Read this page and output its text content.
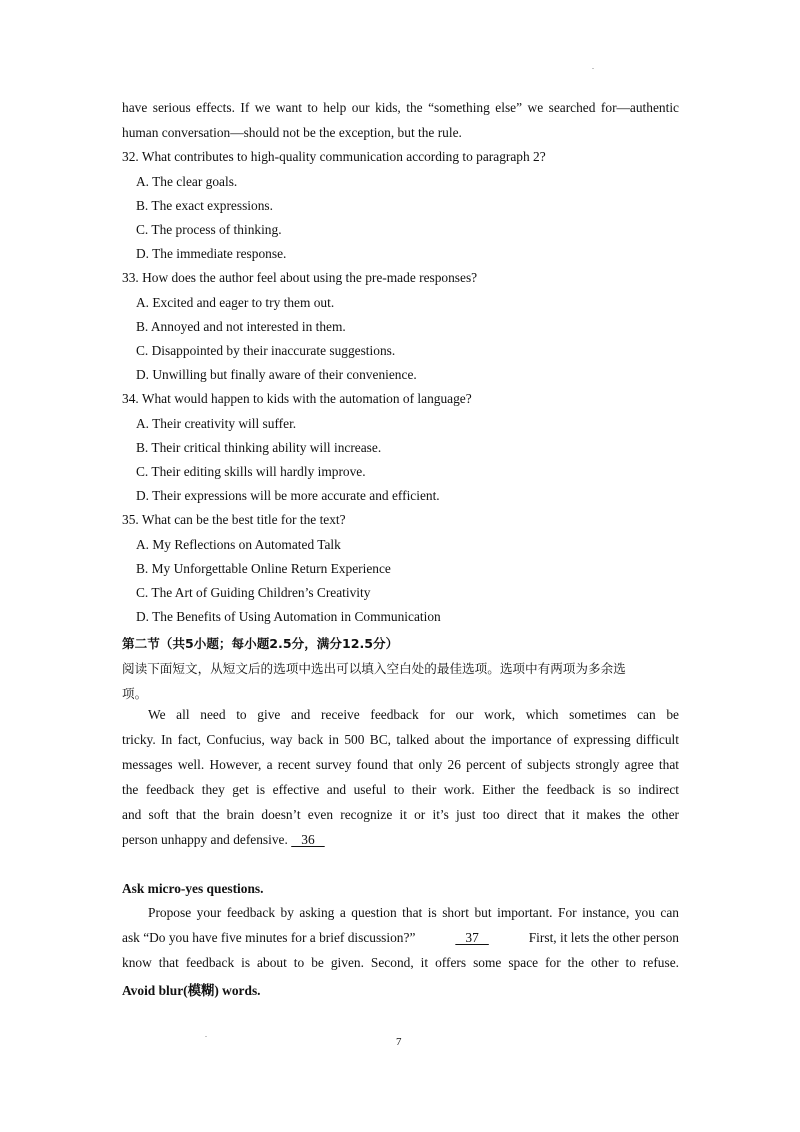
.
have serious effects. If we want to help our kids, the “something else” we searched for—authentic
human conversation—should not be the exception, but the rule.
32. What contributes to high-quality communication according to paragraph 2?
A. The clear goals.
B. The exact expressions.
C. The process of thinking.
D. The immediate response.
33. How does the author feel about using the pre-made responses?
A. Excited and eager to try them out.
B. Annoyed and not interested in them.
C. Disappointed by their inaccurate suggestions.
D. Unwilling but finally aware of their convenience.
34. What would happen to kids with the automation of language?
A. Their creativity will suffer.
B. Their critical thinking ability will increase.
C. Their editing skills will hardly improve.
D. Their expressions will be more accurate and efficient.
35. What can be the best title for the text?
A. My Reflections on Automated Talk
B. My Unforgettable Online Return Experience
C. The Art of Guiding Children’s Creativity
D. The Benefits of Using Automation in Communication
第二节（共5小题；每小题2.5分，满分12.5分）
阅读下面短文，从短文后的选项中选出可以填入空白处的最佳选项。选项中有两项为多余选
项。
We all need to give and receive feedback for our work, which sometimes can be
tricky. In fact, Confucius, way back in 500 BC, talked about the importance of expressing difficult
messages well. However, a recent survey found that only 26 percent of subjects strongly agree that
the feedback they get is effective and useful to their work. Either the feedback is so indirect
and soft that the brain doesn’t even recognize it or it’s just too direct that it makes the other
person unhappy and defensive.    36
Ask micro-yes questions.
Propose your feedback by asking a question that is short but important. For instance, you can
ask “Do you have five minutes for a brief discussion?”	37	First, it lets the other person
know that feedback is about to be given. Second, it offers some space for the other to refuse.
Avoid blur(模糊) words.
.
7
